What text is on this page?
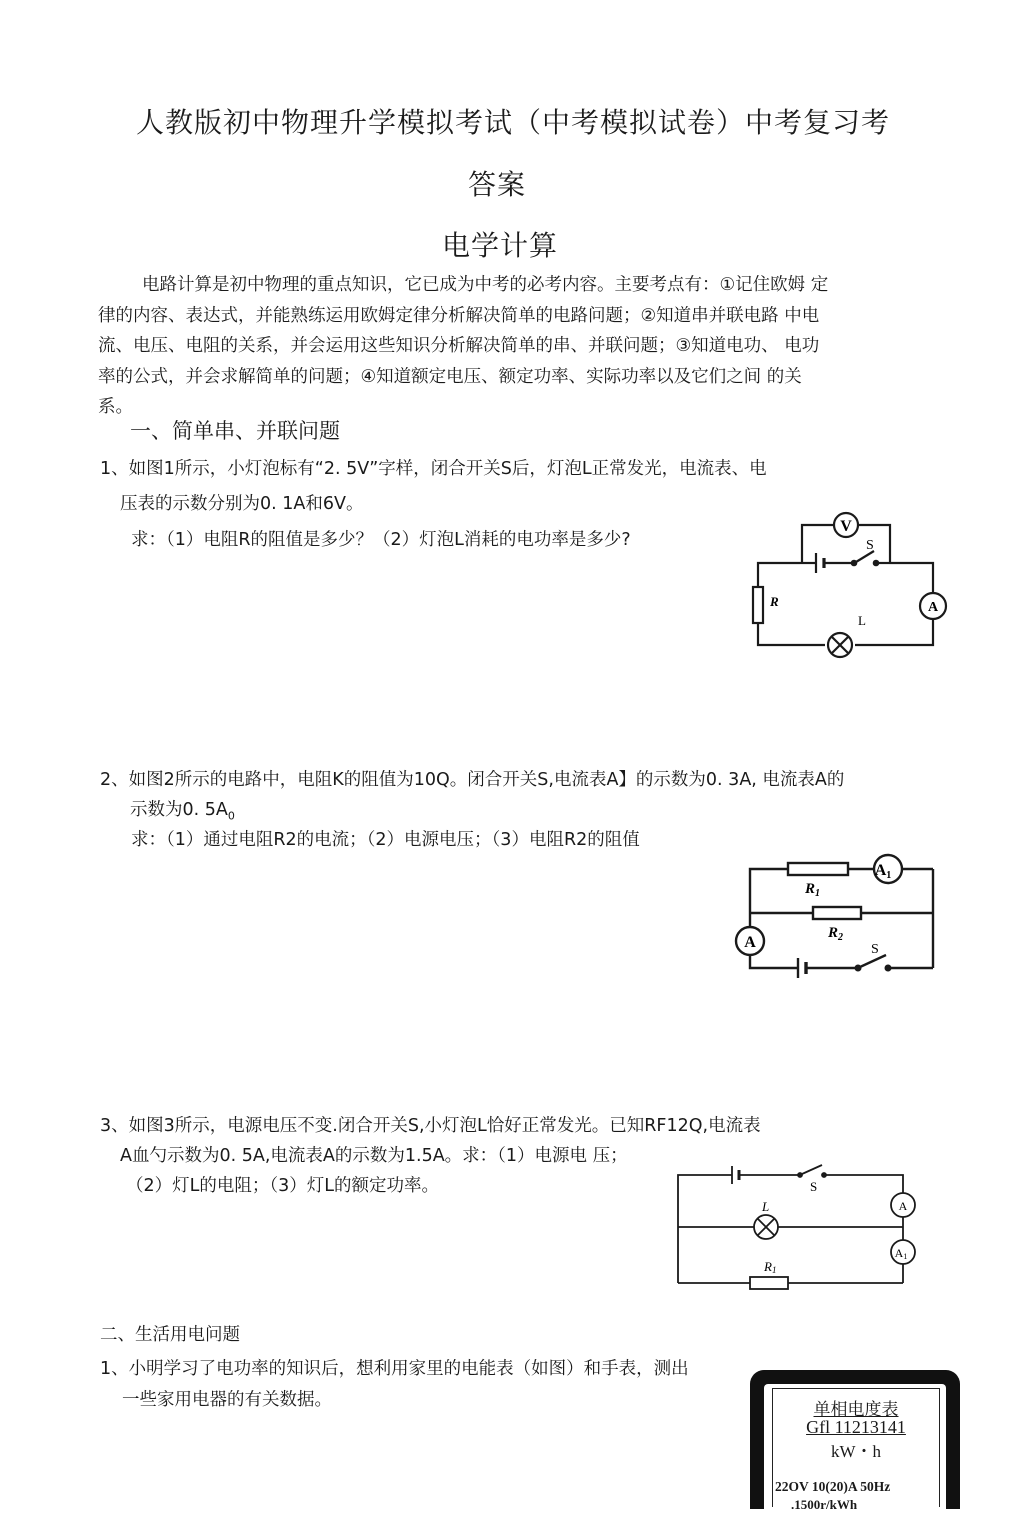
人教版初中物理升学模拟考试（中考模拟试卷）中考复习考
答案
电学计算

电路计算是初中物理的重点知识，它已成为中考的必考内容。主要考点有：①记住欧姆 定

律的内容、表达式，并能熟练运用欧姆定律分析解决简单的电路问题；②知道串并联电路 中电

流、电压、电阻的关系，并会运用这些知识分析解决简单的串、并联问题；③知道电功、 电功

率的公式，并会求解简单的问题；④知道额定电压、额定功率、实际功率以及它们之间 的关

系。

一、简单串、并联问题
1、如图1所示，小灯泡标有“2. 5V”字样，闭合开关S后，灯泡L正常发光，电流表、电
压表的示数分别为0. 1A和6V。
求：（1）电阻R的阻值是多少？（2）灯泡L消耗的电功率是多少?
V
S
R
L
A
2、如图2所示的电路中，电阻K的阻值为10Q。闭合开关S,电流表A】的示数为0. 3A, 电流表A的
示数为0. $5A_0$
求：（1）通过电阻R2的电流；（2）电源电压；（3）电阻R2的阻值
$R_1$
$R_2$
A1
A	S
3、如图3所示，电源电压不变.闭合开关S,小灯泡L恰好正常发光。已知RF12Q,电流表
A血勺示数为0. 5A,电流表A的示数为1.5A。求：（1）电源电 压；
（2）灯L的电阻；（3）灯L的额定功率。	S
L	A
A1
R1
二、生活用电问题
1、小明学习了电功率的知识后，想利用家里的电能表（如图）和手表，测出
一些家用电器的有关数据。	单相电度表
Gfl 11213141
kW・h
22OV 10(20)A 50Hz
.1500r/kWh
